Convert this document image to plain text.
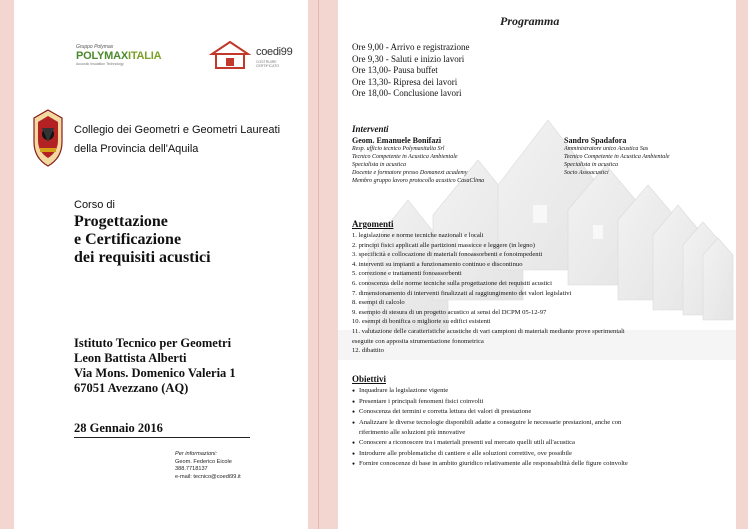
Gruppo Polymax
POLYMAXITALIA
Acoustic Insulation Technology
coedi99
COSTRUIRE CERTIFICATO
Collegio dei Geometri e Geometri Laureati
della Provincia dell'Aquila
Corso di
Progettazione
e Certificazione
dei requisiti acustici
Istituto Tecnico per Geometri
Leon Battista Alberti
Via Mons. Domenico Valeria 1
67051 Avezzano (AQ)
28 Gennaio 2016
Per informazioni:
Geom. Federico Eicole
388.7718137
e-mail: tecnico@coedi99.it
Programma
Ore 9,00 - Arrivo e registrazione
Ore 9,30 - Saluti e inizio lavori
Ore 13,00- Pausa buffet
Ore 13,30- Ripresa dei lavori
Ore 18,00- Conclusione lavori
Interventi
Geom. Emanuele Bonifazi
Resp. ufficio tecnico Polymaxitalia Srl
Tecnico Competente in Acustica Ambientale
Specialista in acustica
Docente e formatore presso Domanext academy
Membro gruppo lavoro protocollo acustico CasaClima
Sandro Spadafora
Amministratore unico Acustica Sas
Tecnico Competente in Acustica Ambientale
Specialista in acustica
Socio Assoacustici
Argomenti
1. legislazione e norme tecniche nazionali e locali
2. principi fisici applicati alle partizioni massicce e leggere (in legno)
3. specificità e collocazione di materiali fonoassorbenti e fonoimpedenti
4. interventi su impianti a funzionamento continuo e discontinuo
5. correzione e trattamenti fonoassorbenti
6. conoscenza delle norme tecniche sulla progettazione dei requisiti acustici
7. dimensionamento di interventi finalizzati al raggiungimento dei valori legislativi
8. esempi di calcolo
9. esempio di stesura di un progetto acustico ai sensi del DCPM 05-12-97
10. esempi di bonifica o migliorie su edifici esistenti
11. valutazione delle caratteristiche acustiche di vari campioni di materiali mediante prove sperimentali
eseguite con apposita strumentazione fonometrica
12. dibattito
Obiettivi
● Inquadrare la legislazione vigente
● Presentare i principali fenomeni fisici coinvolti
● Conoscenza dei termini e corretta lettura dei valori di prestazione
● Analizzare le diverse tecnologie disponibili adatte a conseguire le necessarie prestazioni, anche con
riferimento alle soluzioni più innovative
● Conoscere a riconoscere tra i materiali presenti sul mercato quelli utili all'acustica
● Introdurre alle problematiche di cantiere e alle soluzioni correttive, ove possibile
● Fornire conoscenze di base in ambito giuridico relativamente alle responsabilità delle figure coinvolte
